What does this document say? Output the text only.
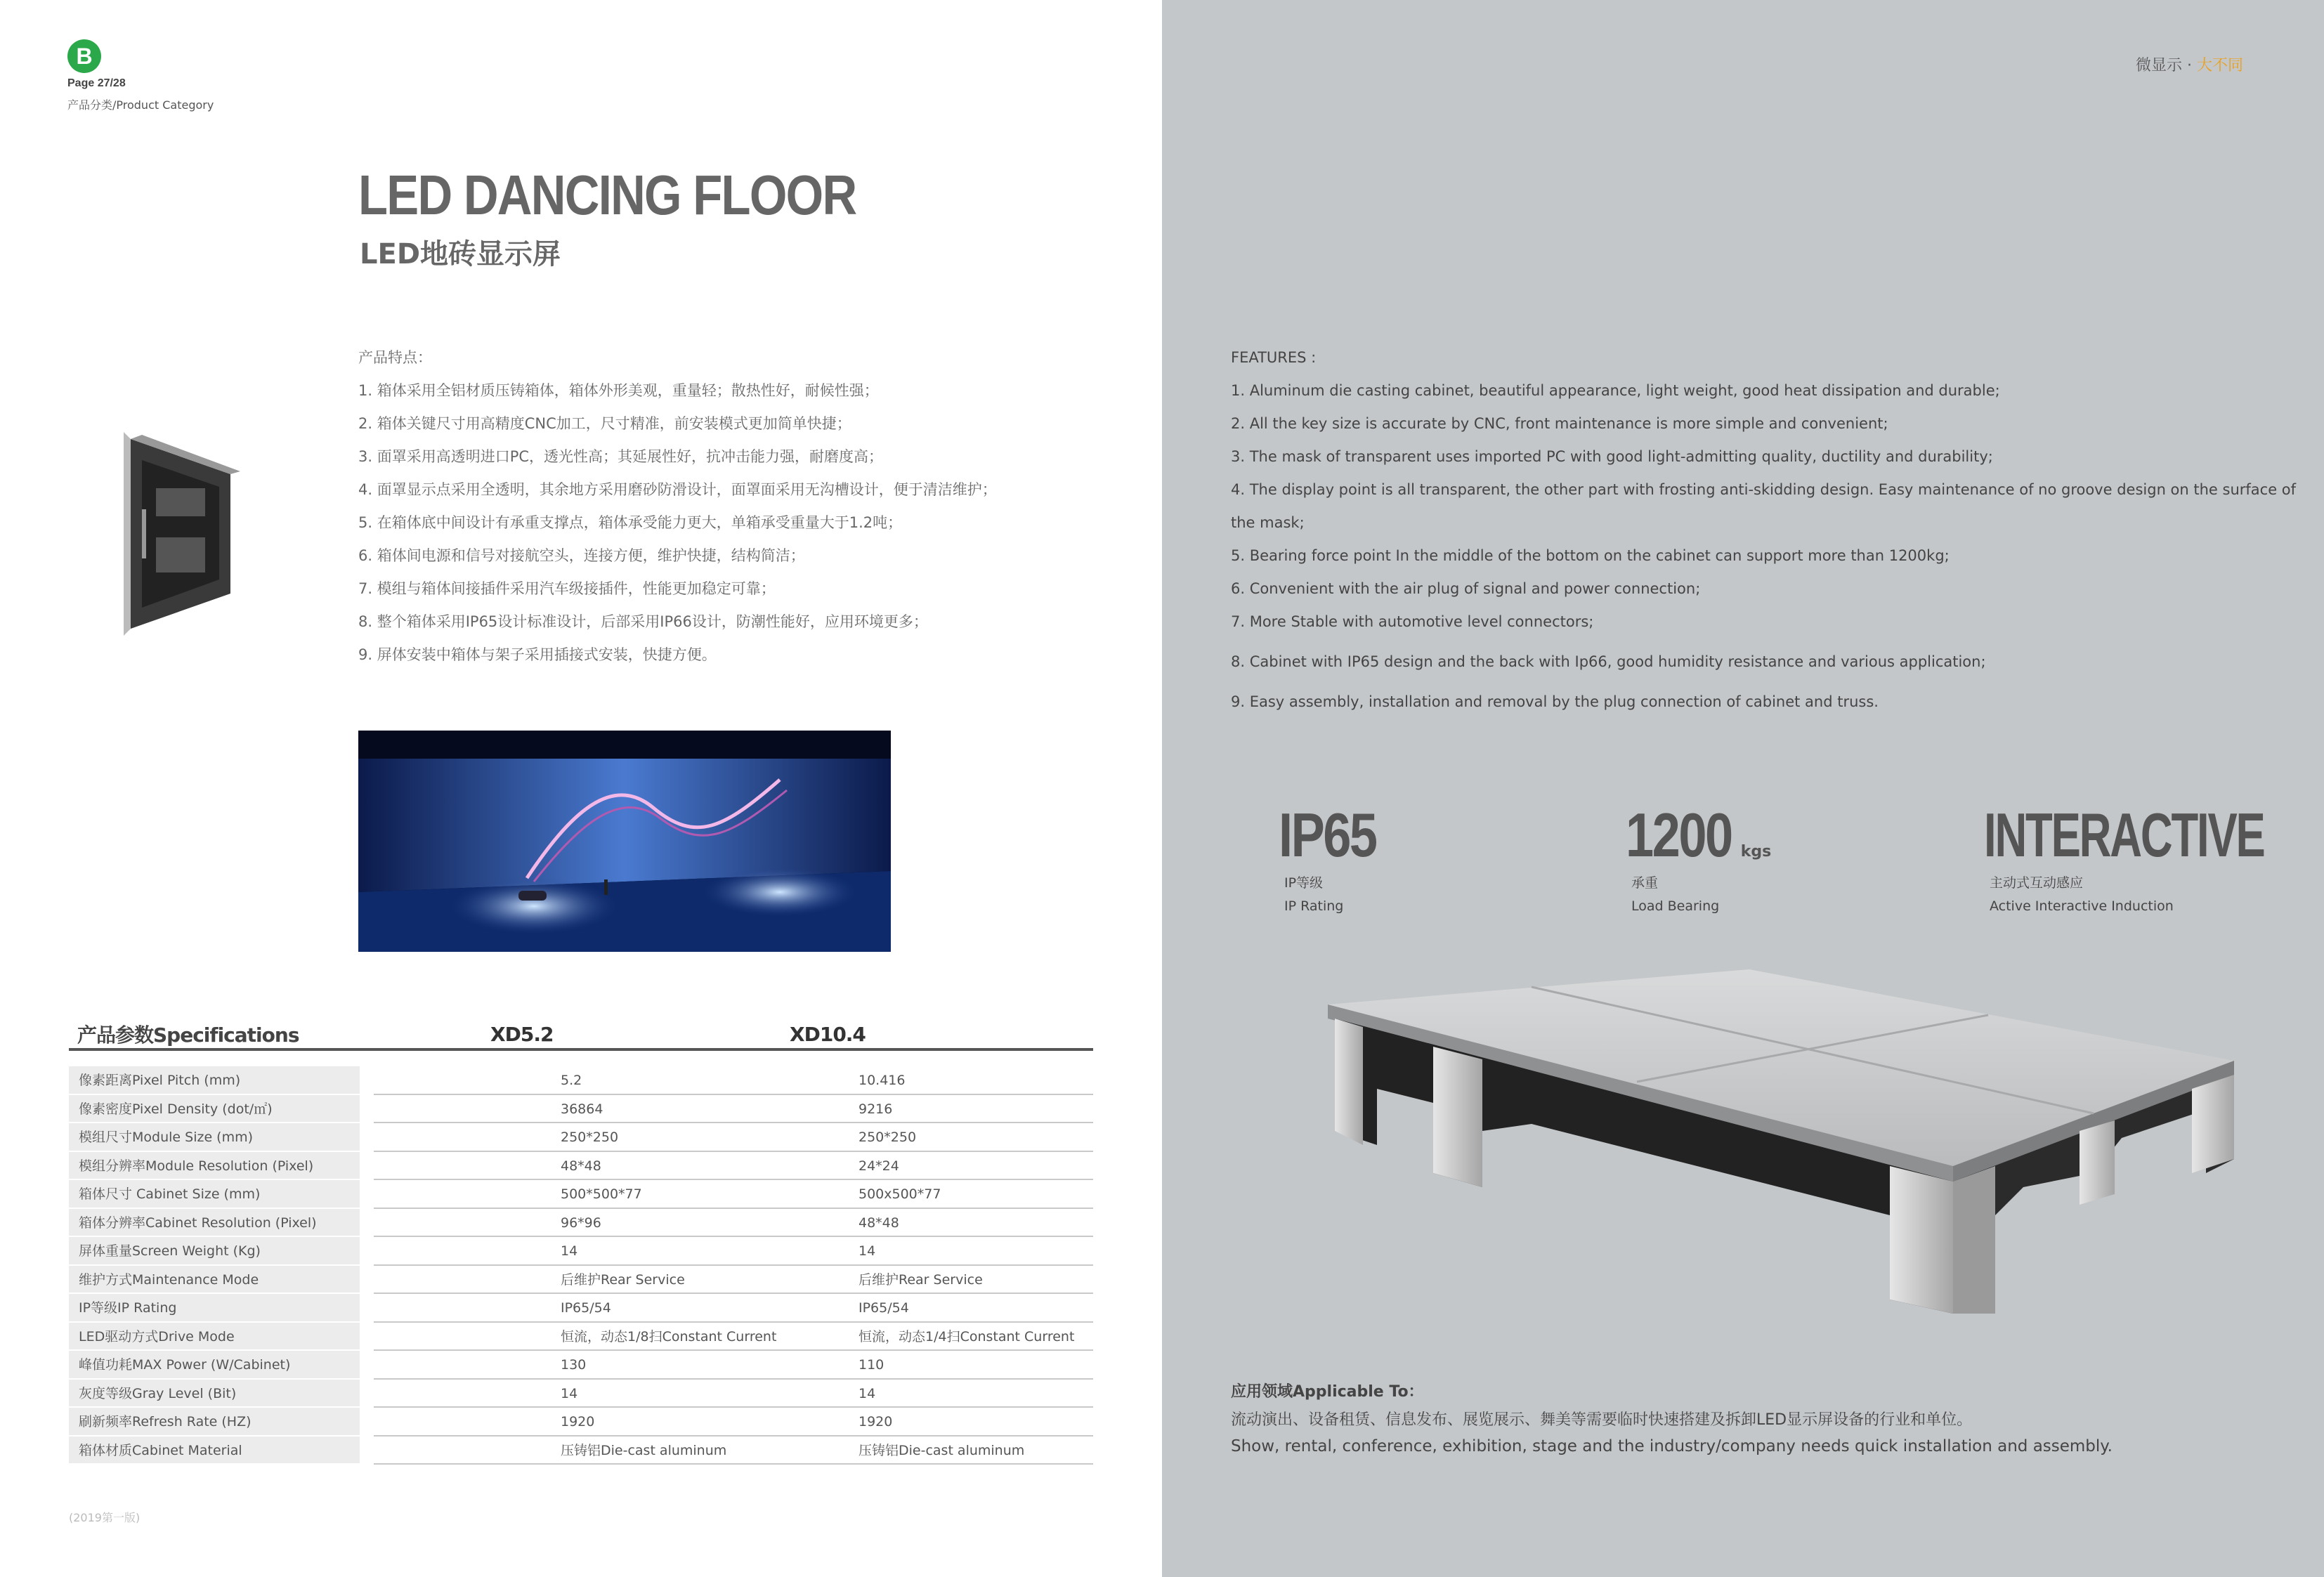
B
Page 27/28
产品分类/Product Category
LED DANCING FLOOR
LED地砖显示屏
产品特点：
1. 箱体采用全铝材质压铸箱体，箱体外形美观，重量轻；散热性好，耐候性强；
2. 箱体关键尺寸用高精度CNC加工，尺寸精准，前安装模式更加简单快捷；
3. 面罩采用高透明进口PC，透光性高；其延展性好，抗冲击能力强，耐磨度高；
4. 面罩显示点采用全透明，其余地方采用磨砂防滑设计，面罩面采用无沟槽设计，便于清洁维护；
5. 在箱体底中间设计有承重支撑点，箱体承受能力更大，单箱承受重量大于1.2吨；
6. 箱体间电源和信号对接航空头，连接方便，维护快捷，结构简洁；
7. 模组与箱体间接插件采用汽车级接插件，性能更加稳定可靠；
8. 整个箱体采用IP65设计标准设计，后部采用IP66设计，防潮性能好，应用环境更多；
9. 屏体安装中箱体与架子采用插接式安装，快捷方便。
产品参数Specifications	XD5.2	XD10.4
像素距离Pixel Pitch (mm)	5.2	10.416
像素密度Pixel Density (dot/㎡)	36864	9216
模组尺寸Module Size (mm)	250*250	250*250
模组分辨率Module Resolution (Pixel)	48*48	24*24
箱体尺寸 Cabinet Size (mm)	500*500*77	500x500*77
箱体分辨率Cabinet Resolution (Pixel)	96*96	48*48
屏体重量Screen Weight (Kg)	14	14
维护方式Maintenance Mode	后维护Rear Service	后维护Rear Service
IP等级IP Rating	IP65/54	IP65/54
LED驱动方式Drive Mode	恒流，动态1/8扫Constant Current	恒流，动态1/4扫Constant Current
峰值功耗MAX Power (W/Cabinet)	130	110
灰度等级Gray Level (Bit)	14	14
刷新频率Refresh Rate (HZ)	1920	1920
箱体材质Cabinet Material	压铸铝Die-cast aluminum	压铸铝Die-cast aluminum
(2019第一版)
微显示 · 大不同
FEATURES :
1. Aluminum die casting cabinet, beautiful appearance, light weight, good heat dissipation and durable;
2. All the key size is accurate by CNC, front maintenance is more simple and convenient;
3. The mask of transparent uses imported PC with good light-admitting quality, ductility and durability;
4. The display point is all transparent, the other part with frosting anti-skidding design. Easy maintenance of no groove design on the surface of
the mask;
5. Bearing force point In the middle of the bottom on the cabinet can support more than 1200kg;
6. Convenient with the air plug of signal and power connection;
7. More Stable with automotive level connectors;
8. Cabinet with IP65 design and the back with Ip66, good humidity resistance and various application;
9. Easy assembly, installation and removal by the plug connection of cabinet and truss.
IP65
IP等级
IP Rating
1200 kgs
承重
Load Bearing
INTERACTIVE
主动式互动感应
Active Interactive Induction
应用领域Applicable To：
流动演出、设备租赁、信息发布、展览展示、舞美等需要临时快速搭建及拆卸LED显示屏设备的行业和单位。
Show, rental, conference, exhibition, stage and the industry/company needs quick installation and assembly.
